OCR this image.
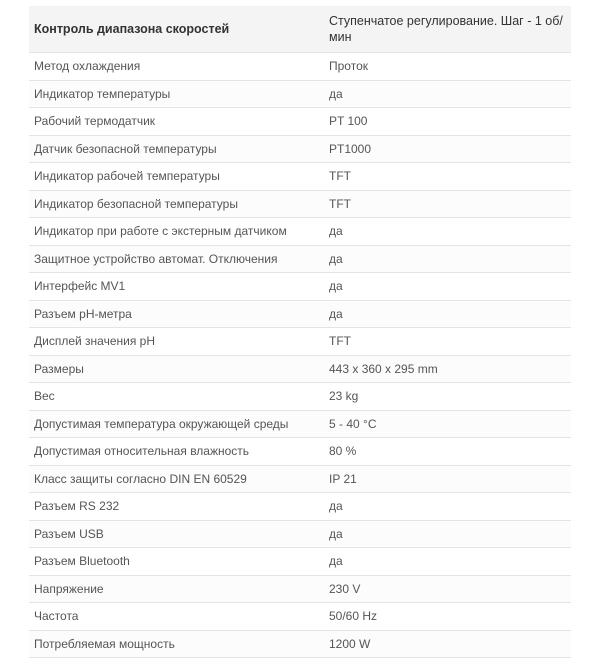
Контроль диапазона скоростей	Ступенчатое регулирование. Шаг - 1 об/мин
Метод охлаждения	Проток
Индикатор температуры	да
Рабочий термодатчик	PT 100
Датчик безопасной температуры	PT1000
Индикатор рабочей температуры	TFT
Индикатор безопасной температуры	TFT
Индикатор при работе с экстерным датчиком	да
Защитное устройство автомат. Отключения	да
Интерфейс MV1	да
Разъем pH-метра	да
Дисплей значения pH	TFT
Размеры	443 x 360 x 295 mm
Вес	23 kg
Допустимая температура окружающей среды	5 - 40 °C
Допустимая относительная влажность	80 %
Класс защиты согласно DIN EN 60529	IP 21
Разъем RS 232	да
Разъем USB	да
Разъем Bluetooth	да
Напряжение	230 V
Частота	50/60 Hz
Потребляемая мощность	1200 W
